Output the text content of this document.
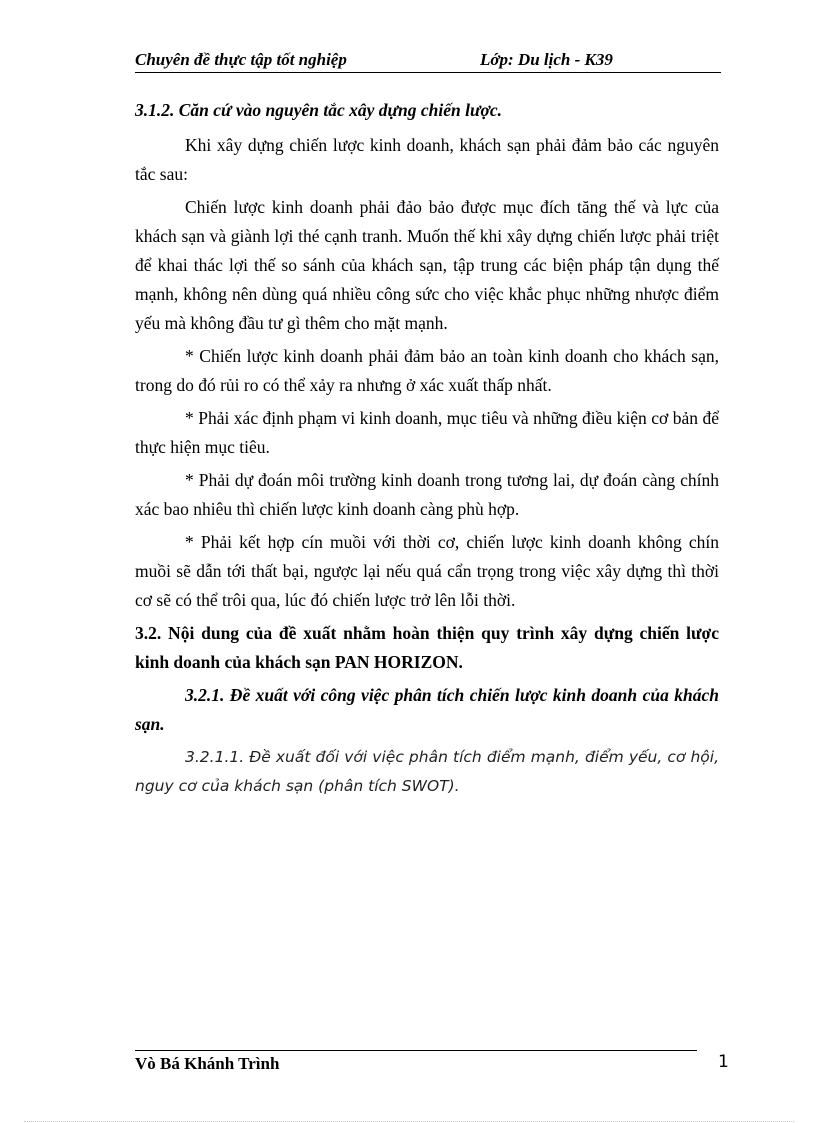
Chuyên đề thực tập tốt nghiệp	Lớp: Du lịch - K39

3.1.2. Căn cứ vào nguyên tắc xây dựng chiến lược.

Khi xây dựng chiến lược kinh doanh, khách sạn phải đảm bảo các nguyên tắc sau:

Chiến lược kinh doanh phải đảo bảo được mục đích tăng thế và lực của khách sạn và giành lợi thé cạnh tranh. Muốn thế khi xây dựng chiến lược phải triệt để khai thác lợi thế so sánh của khách sạn, tập trung các biện pháp tận dụng thế mạnh, không nên dùng quá nhiều công sức cho việc khắc phục những nhược điểm yếu mà không đầu tư gì thêm cho mặt mạnh.

* Chiến lược kinh doanh phải đảm bảo an toàn kinh doanh cho khách sạn, trong do đó rủi ro có thể xảy ra nhưng ở xác xuất thấp nhất.

* Phải xác định phạm vi kinh doanh, mục tiêu và những điều kiện cơ bản để thực hiện mục tiêu.

* Phải dự đoán môi trường kinh doanh trong tương lai, dự đoán càng chính xác bao nhiêu thì chiến lược kinh doanh càng phù hợp.

* Phải kết hợp cín muồi với thời cơ, chiến lược kinh doanh không chín muồi sẽ dẫn tới thất bại, ngược lại nếu quá cẩn trọng trong việc xây dựng thì thời cơ sẽ có thể trôi qua, lúc đó chiến lược trở lên lỗi thời.

3.2. Nội dung của đề xuất nhằm hoàn thiện quy trình xây dựng chiến lược kinh doanh của khách sạn PAN HORIZON.

3.2.1. Đề xuất với công việc phân tích chiến lược kinh doanh của khách sạn.

3.2.1.1. Đề xuất đối với việc phân tích điểm mạnh, điểm yếu, cơ hội, nguy cơ của khách sạn (phân tích SWOT).

Vò Bá Khánh Trình	1
